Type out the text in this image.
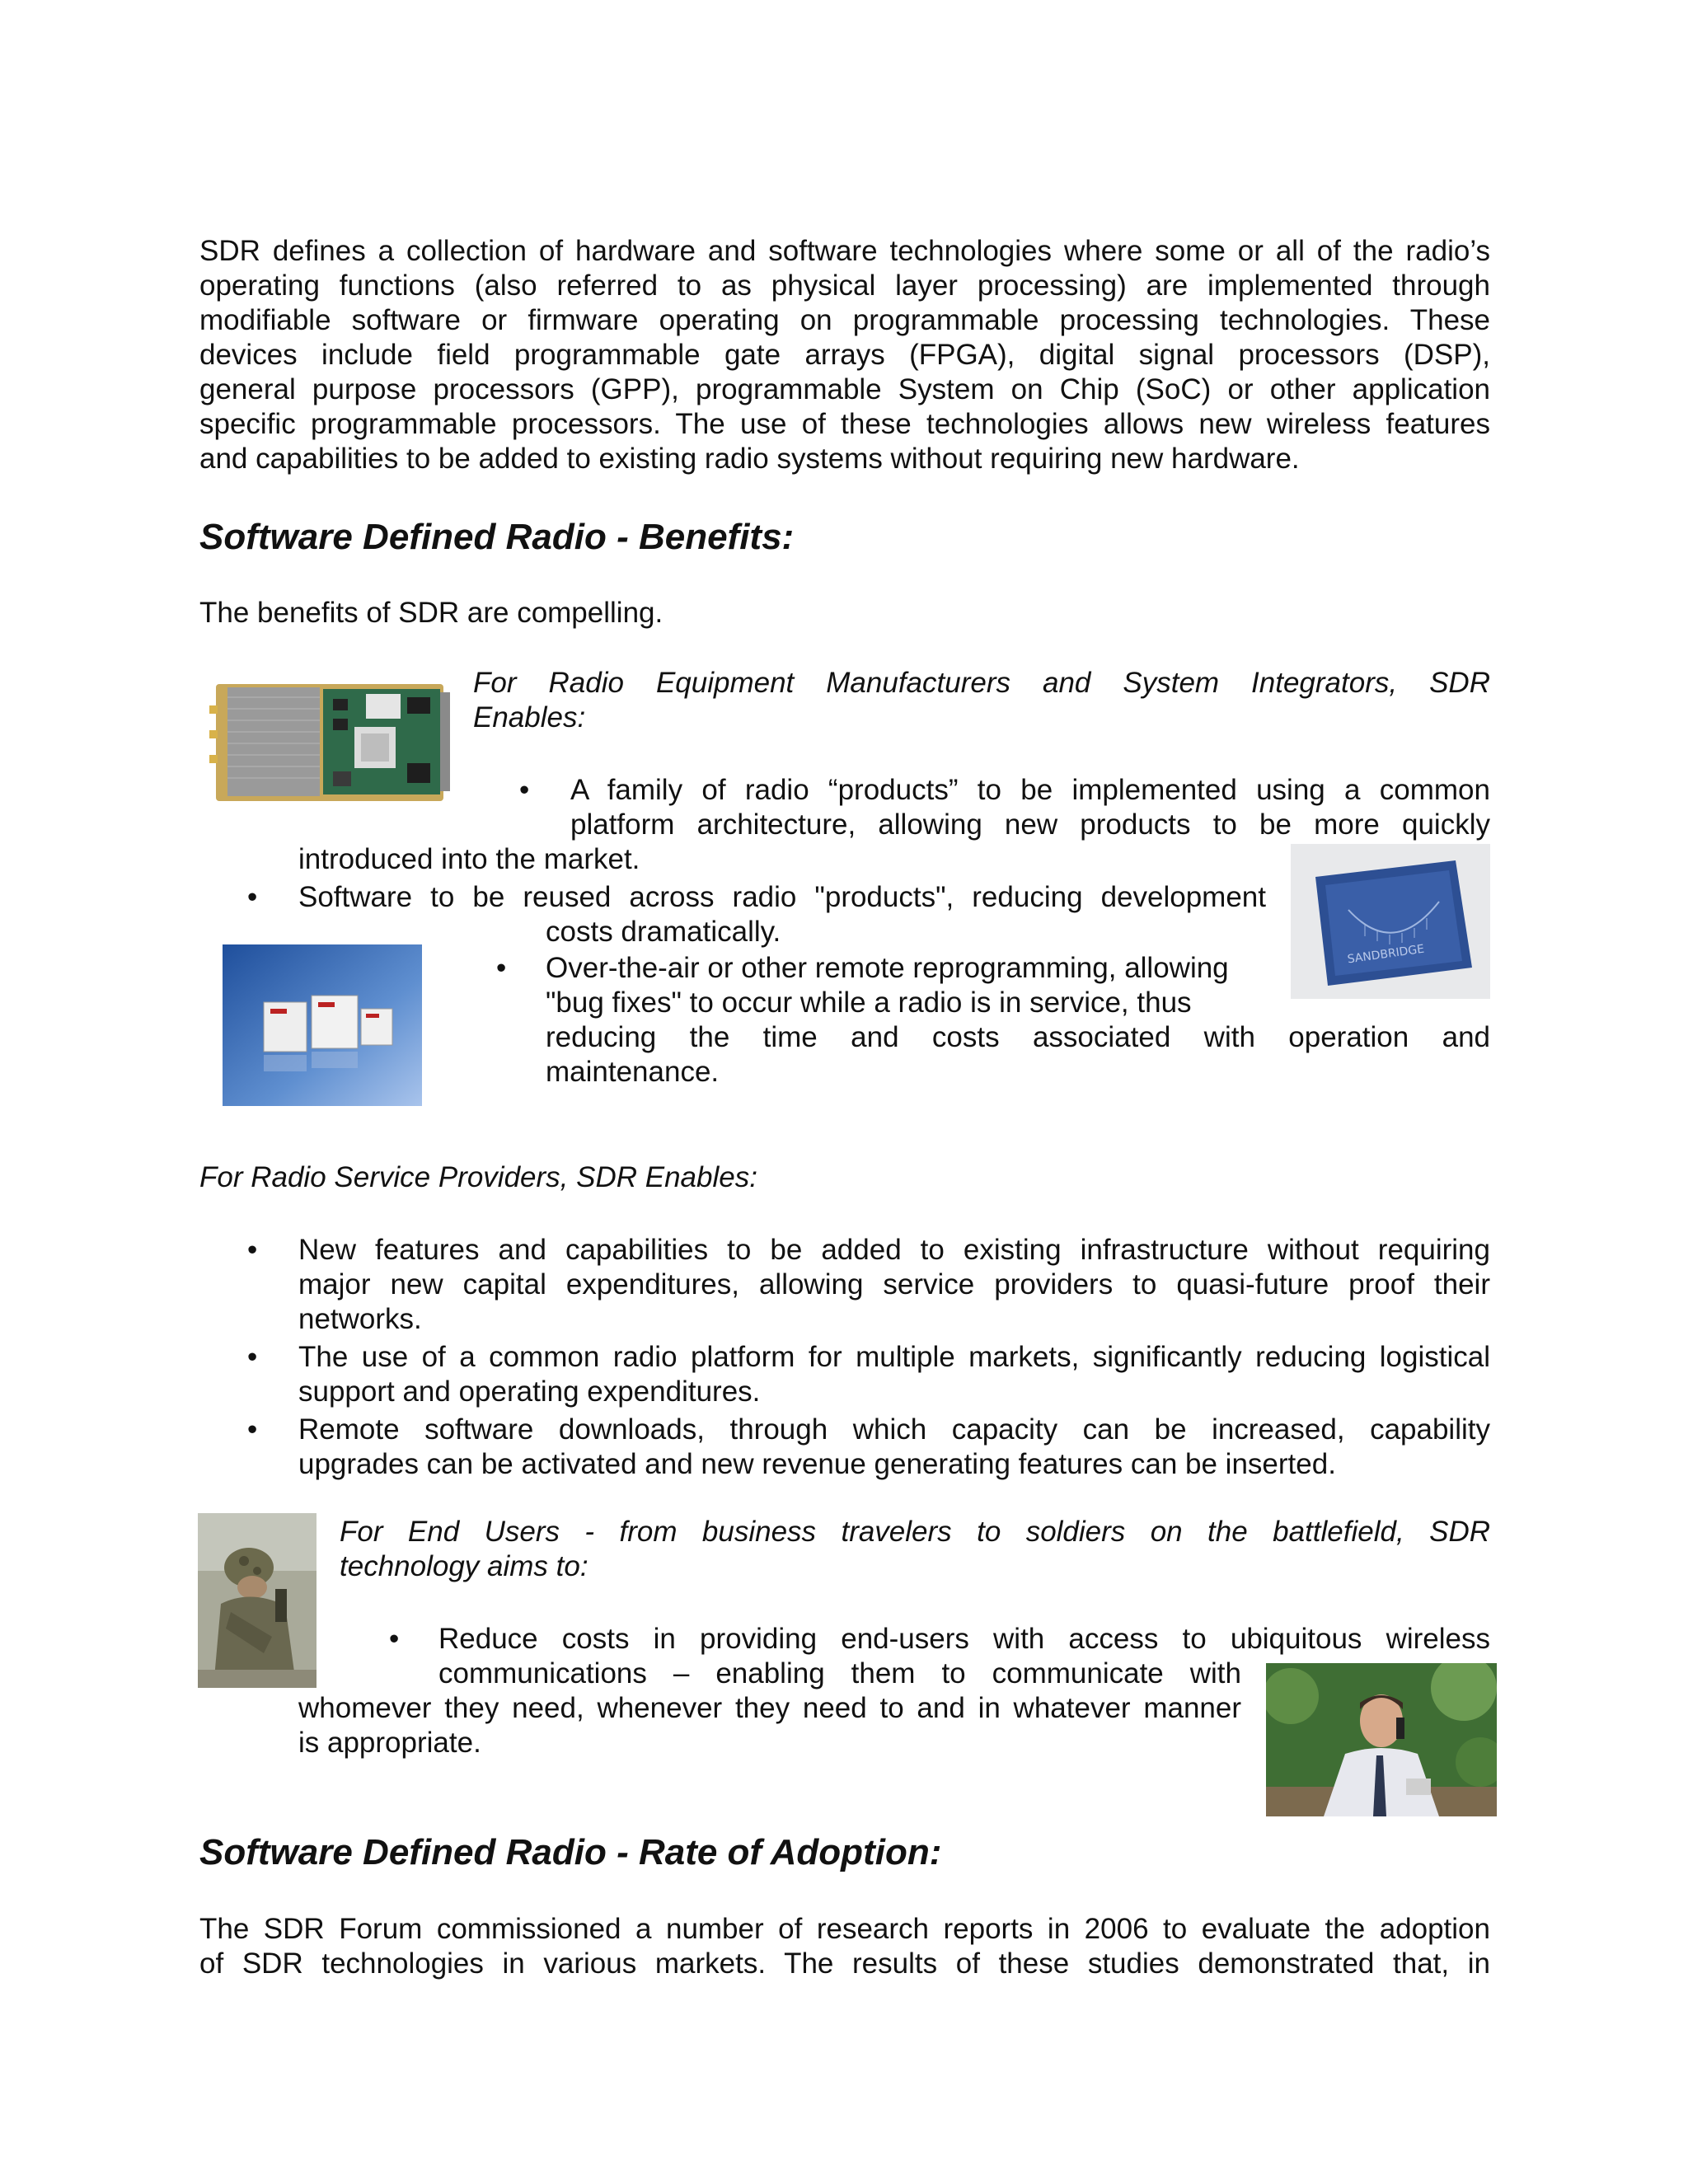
SDR defines a collection of hardware and software technologies where some or all of the radio’s
operating functions (also referred to as physical layer processing) are implemented through
modifiable software or firmware operating on programmable processing technologies. These
devices include field programmable gate arrays (FPGA), digital signal processors (DSP),
general purpose processors (GPP), programmable System on Chip (SoC) or other application
specific programmable processors. The use of these technologies allows new wireless features
and capabilities to be added to existing radio systems without requiring new hardware.
Software Defined Radio - Benefits:
The benefits of SDR are compelling.
For Radio Equipment Manufacturers and System Integrators, SDR
Enables:
• A family of radio “products” to be implemented using a common
platform architecture, allowing new products to be more quickly
introduced into the market.
SANDBRIDGE
• Software to be reused across radio "products", reducing development
costs dramatically.
• Over-the-air or other remote reprogramming, allowing
"bug fixes" to occur while a radio is in service, thus
reducing the time and costs associated with operation and
maintenance.
For Radio Service Providers, SDR Enables:
• New features and capabilities to be added to existing infrastructure without requiring
major new capital expenditures, allowing service providers to quasi-future proof their
networks.
• The use of a common radio platform for multiple markets, significantly reducing logistical
support and operating expenditures.
• Remote software downloads, through which capacity can be increased, capability
upgrades can be activated and new revenue generating features can be inserted.
For End Users - from business travelers to soldiers on the battlefield, SDR
technology aims to:
• Reduce costs in providing end-users with access to ubiquitous wireless
communications – enabling them to communicate with
whomever they need, whenever they need to and in whatever manner
is appropriate.
Software Defined Radio - Rate of Adoption:
The SDR Forum commissioned a number of research reports in 2006 to evaluate the adoption
of SDR technologies in various markets. The results of these studies demonstrated that, in
